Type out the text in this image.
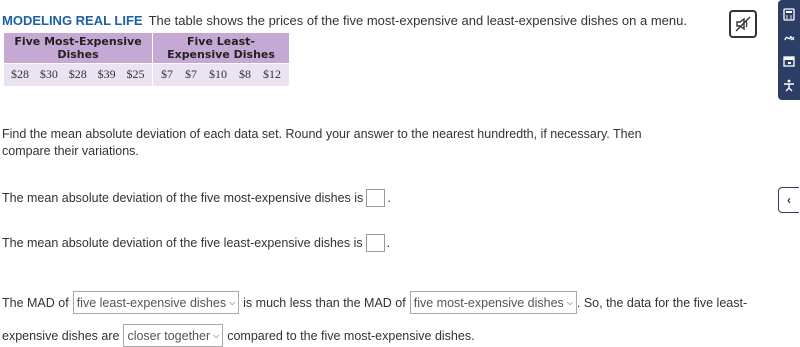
MODELING REAL LIFE The table shows the prices of the five most-expensive and least-expensive dishes on a menu.
Five Most-Expensive Dishes	Five Least-Expensive Dishes

$28 $30 $28 $39 $25	$7 $7 $10 $8 $12
Find the mean absolute deviation of each data set. Round your answer to the nearest hundredth, if necessary. Then compare their variations.
The mean absolute deviation of the five most-expensive dishes is .
The mean absolute deviation of the five least-expensive dishes is .
The MAD of five least-expensive dishes ⌵ is much less than the MAD of five most-expensive dishes ⌵ . So, the data for the five least-
expensive dishes are closer together ⌵ compared to the five most-expensive dishes.
‹
